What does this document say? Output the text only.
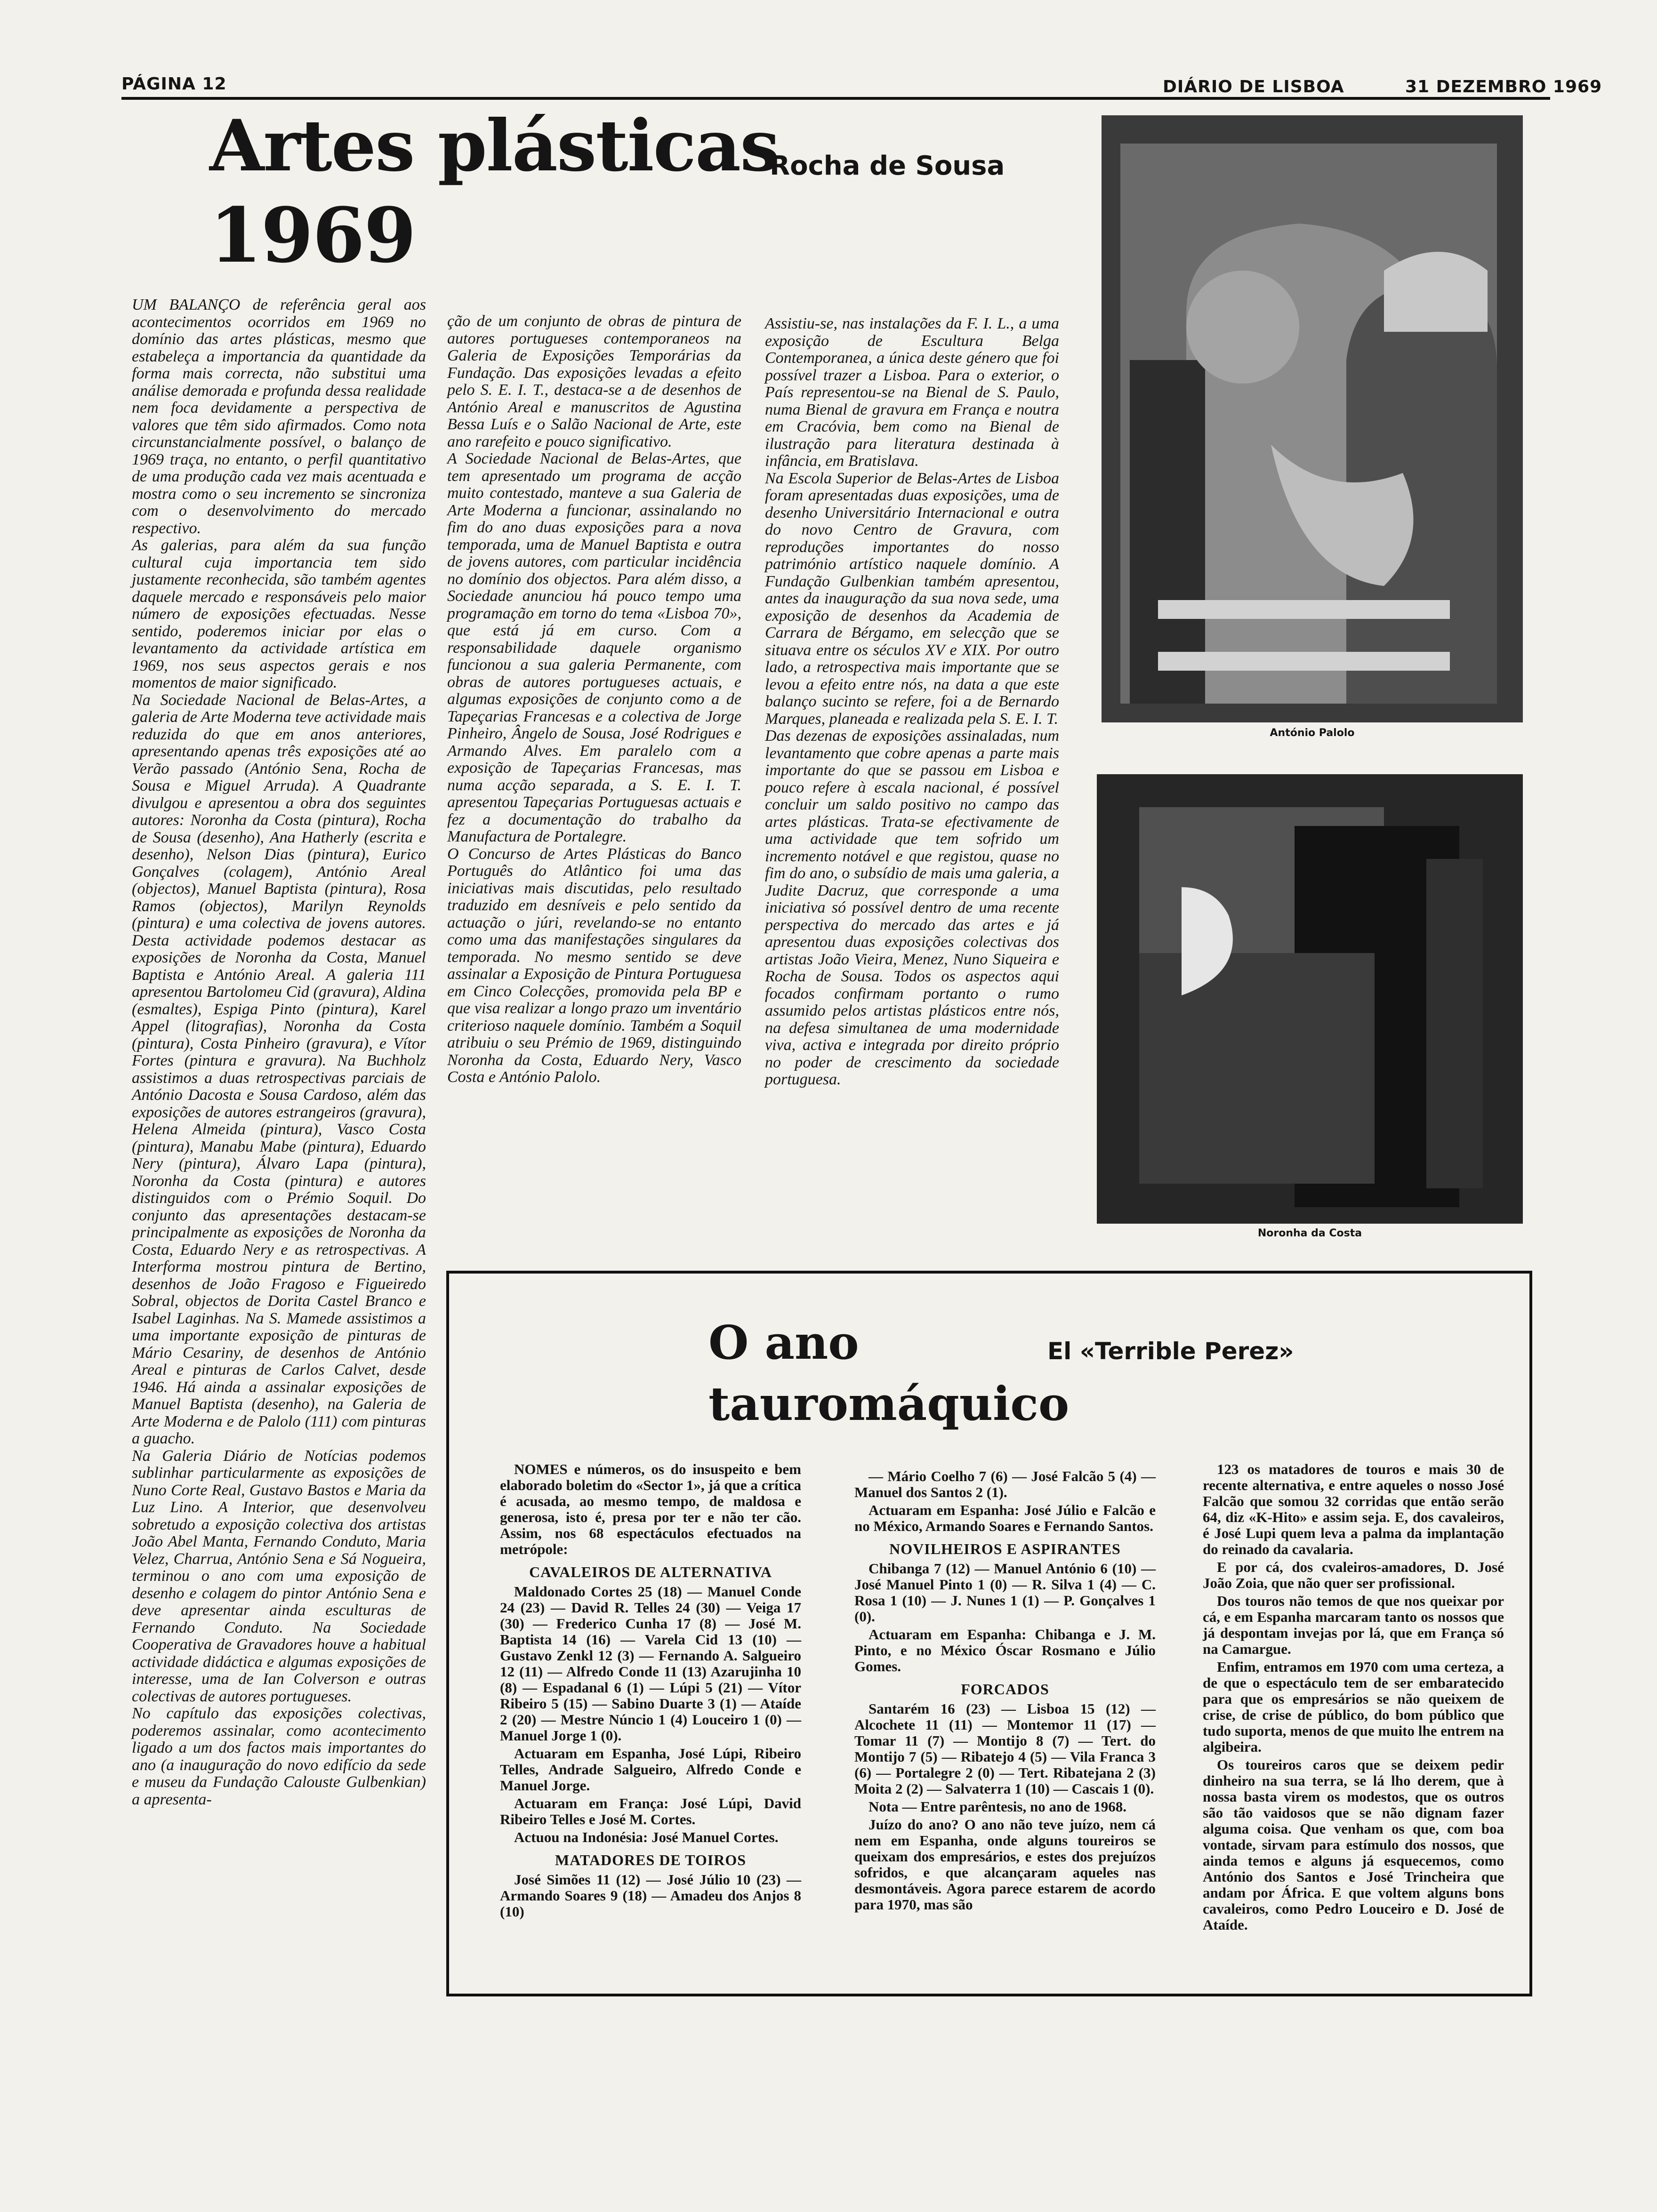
PÁGINA 12	DIÁRIO DE LISBOA	31 DEZEMBRO 1969
Artes plásticas
Rocha de Sousa
1969
UM BALANÇO de referência geral aos acontecimentos ocorridos em 1969 no domínio das artes plásticas, mesmo que estabeleça a importancia da quantidade da forma mais correcta, não substitui uma análise demorada e profunda dessa realidade nem foca devidamente a perspectiva de valores que têm sido afirmados. Como nota circunstancialmente possível, o balanço de 1969 traça, no entanto, o perfil quantitativo de uma produção cada vez mais acentuada e mostra como o seu incremento se sincroniza com o desenvolvimento do mercado respectivo.
As galerias, para além da sua função cultural cuja importancia tem sido justamente reconhecida, são também agentes daquele mercado e responsáveis pelo maior número de exposições efectuadas. Nesse sentido, poderemos iniciar por elas o levantamento da actividade artística em 1969, nos seus aspectos gerais e nos momentos de maior significado.
Na Sociedade Nacional de Belas-Artes, a galeria de Arte Moderna teve actividade mais reduzida do que em anos anteriores, apresentando apenas três exposições até ao Verão passado (António Sena, Rocha de Sousa e Miguel Arruda). A Quadrante divulgou e apresentou a obra dos seguintes autores: Noronha da Costa (pintura), Rocha de Sousa (desenho), Ana Hatherly (escrita e desenho), Nelson Dias (pintura), Eurico Gonçalves (colagem), António Areal (objectos), Manuel Baptista (pintura), Rosa Ramos (objectos), Marilyn Reynolds (pintura) e uma colectiva de jovens autores. Desta actividade podemos destacar as exposições de Noronha da Costa, Manuel Baptista e António Areal. A galeria 111 apresentou Bartolomeu Cid (gravura), Aldina (esmaltes), Espiga Pinto (pintura), Karel Appel (litografias), Noronha da Costa (pintura), Costa Pinheiro (gravura), e Vítor Fortes (pintura e gravura). Na Buchholz assistimos a duas retrospectivas parciais de António Dacosta e Sousa Cardoso, além das exposições de autores estrangeiros (gravura), Helena Almeida (pintura), Vasco Costa (pintura), Manabu Mabe (pintura), Eduardo Nery (pintura), Álvaro Lapa (pintura), Noronha da Costa (pintura) e autores distinguidos com o Prémio Soquil. Do conjunto das apresentações destacam-se principalmente as exposições de Noronha da Costa, Eduardo Nery e as retrospectivas. A Interforma mostrou pintura de Bertino, desenhos de João Fragoso e Figueiredo Sobral, objectos de Dorita Castel Branco e Isabel Laginhas. Na S. Mamede assistimos a uma importante exposição de pinturas de Mário Cesariny, de desenhos de António Areal e pinturas de Carlos Calvet, desde 1946. Há ainda a assinalar exposições de Manuel Baptista (desenho), na Galeria de Arte Moderna e de Palolo (111) com pinturas a guacho.
Na Galeria Diário de Notícias podemos sublinhar particularmente as exposições de Nuno Corte Real, Gustavo Bastos e Maria da Luz Lino. A Interior, que desenvolveu sobretudo a exposição colectiva dos artistas João Abel Manta, Fernando Conduto, Maria Velez, Charrua, António Sena e Sá Nogueira, terminou o ano com uma exposição de desenho e colagem do pintor António Sena e deve apresentar ainda esculturas de Fernando Conduto. Na Sociedade Cooperativa de Gravadores houve a habitual actividade didáctica e algumas exposições de interesse, uma de Ian Colverson e outras colectivas de autores portugueses.
No capítulo das exposições colectivas, poderemos assinalar, como acontecimento ligado a um dos factos mais importantes do ano (a inauguração do novo edifício da sede e museu da Fundação Calouste Gulbenkian) a apresenta-
ção de um conjunto de obras de pintura de autores portugueses contemporaneos na Galeria de Exposições Temporárias da Fundação. Das exposições levadas a efeito pelo S. E. I. T., destaca-se a de desenhos de António Areal e manuscritos de Agustina Bessa Luís e o Salão Nacional de Arte, este ano rarefeito e pouco significativo.
A Sociedade Nacional de Belas-Artes, que tem apresentado um programa de acção muito contestado, manteve a sua Galeria de Arte Moderna a funcionar, assinalando no fim do ano duas exposições para a nova temporada, uma de Manuel Baptista e outra de jovens autores, com particular incidência no domínio dos objectos. Para além disso, a Sociedade anunciou há pouco tempo uma programação em torno do tema «Lisboa 70», que está já em curso. Com a responsabilidade daquele organismo funcionou a sua galeria Permanente, com obras de autores portugueses actuais, e algumas exposições de conjunto como a de Tapeçarias Francesas e a colectiva de Jorge Pinheiro, Ângelo de Sousa, José Rodrigues e Armando Alves. Em paralelo com a exposição de Tapeçarias Francesas, mas numa acção separada, a S. E. I. T. apresentou Tapeçarias Portuguesas actuais e fez a documentação do trabalho da Manufactura de Portalegre.
O Concurso de Artes Plásticas do Banco Português do Atlântico foi uma das iniciativas mais discutidas, pelo resultado traduzido em desníveis e pelo sentido da actuação o júri, revelando-se no entanto como uma das manifestações singulares da temporada. No mesmo sentido se deve assinalar a Exposição de Pintura Portuguesa em Cinco Colecções, promovida pela BP e que visa realizar a longo prazo um inventário criterioso naquele domínio. Também a Soquil atribuiu o seu Prémio de 1969, distinguindo Noronha da Costa, Eduardo Nery, Vasco Costa e António Palolo.
Assistiu-se, nas instalações da F. I. L., a uma exposição de Escultura Belga Contemporanea, a única deste género que foi possível trazer a Lisboa. Para o exterior, o País representou-se na Bienal de S. Paulo, numa Bienal de gravura em França e noutra em Cracóvia, bem como na Bienal de ilustração para literatura destinada à infância, em Bratislava.
Na Escola Superior de Belas-Artes de Lisboa foram apresentadas duas exposições, uma de desenho Universitário Internacional e outra do novo Centro de Gravura, com reproduções importantes do nosso património artístico naquele domínio. A Fundação Gulbenkian também apresentou, antes da inauguração da sua nova sede, uma exposição de desenhos da Academia de Carrara de Bérgamo, em selecção que se situava entre os séculos XV e XIX. Por outro lado, a retrospectiva mais importante que se levou a efeito entre nós, na data a que este balanço sucinto se refere, foi a de Bernardo Marques, planeada e realizada pela S. E. I. T.
Das dezenas de exposições assinaladas, num levantamento que cobre apenas a parte mais importante do que se passou em Lisboa e pouco refere à escala nacional, é possível concluir um saldo positivo no campo das artes plásticas. Trata-se efectivamente de uma actividade que tem sofrido um incremento notável e que registou, quase no fim do ano, o subsídio de mais uma galeria, a Judite Dacruz, que corresponde a uma iniciativa só possível dentro de uma recente perspectiva do mercado das artes e já apresentou duas exposições colectivas dos artistas João Vieira, Menez, Nuno Siqueira e Rocha de Sousa. Todos os aspectos aqui focados confirmam portanto o rumo assumido pelos artistas plásticos entre nós, na defesa simultanea de uma modernidade viva, activa e integrada por direito próprio no poder de crescimento da sociedade portuguesa.
António Palolo
Noronha da Costa
O ano	El «Terrible Perez»
tauromáquico

NOMES e números, os do insuspeito e bem elaborado boletim do «Sector 1», já que a crítica é acusada, ao mesmo tempo, de maldosa e generosa, isto é, presa por ter e não ter cão. Assim, nos 68 espectáculos efectuados na metrópole:

CAVALEIROS DE ALTERNATIVA

Maldonado Cortes 25 (18) — Manuel Conde 24 (23) — David R. Telles 24 (30) — Veiga 17 (30) — Frederico Cunha 17 (8) — José M. Baptista 14 (16) — Varela Cid 13 (10) — Gustavo Zenkl 12 (3) — Fernando A. Salgueiro 12 (11) — Alfredo Conde 11 (13) Azarujinha 10 (8) — Espadanal 6 (1) — Lúpi 5 (21) — Vítor Ribeiro 5 (15) — Sabino Duarte 3 (1) — Ataíde 2 (20) — Mestre Núncio 1 (4) Louceiro 1 (0) — Manuel Jorge 1 (0).

Actuaram em Espanha, José Lúpi, Ribeiro Telles, Andrade Salgueiro, Alfredo Conde e Manuel Jorge.

Actuaram em França: José Lúpi, David Ribeiro Telles e José M. Cortes.

Actuou na Indonésia: José Manuel Cortes.

MATADORES DE TOIROS

José Simões 11 (12) — José Júlio 10 (23) — Armando Soares 9 (18) — Amadeu dos Anjos 8 (10)

— Mário Coelho 7 (6) — José Falcão 5 (4) — Manuel dos Santos 2 (1).

Actuaram em Espanha: José Júlio e Falcão e no México, Armando Soares e Fernando Santos.

NOVILHEIROS E ASPIRANTES

Chibanga 7 (12) — Manuel António 6 (10) — José Manuel Pinto 1 (0) — R. Silva 1 (4) — C. Rosa 1 (10) — J. Nunes 1 (1) — P. Gonçalves 1 (0).

Actuaram em Espanha: Chibanga e J. M. Pinto, e no México Óscar Rosmano e Júlio Gomes.

FORCADOS

Santarém 16 (23) — Lisboa 15 (12) — Alcochete 11 (11) — Montemor 11 (17) — Tomar 11 (7) — Montijo 8 (7) — Tert. do Montijo 7 (5) — Ribatejo 4 (5) — Vila Franca 3 (6) — Portalegre 2 (0) — Tert. Ribatejana 2 (3) Moita 2 (2) — Salvaterra 1 (10) — Cascais 1 (0).

Nota — Entre parêntesis, no ano de 1968.

Juízo do ano? O ano não teve juízo, nem cá nem em Espanha, onde alguns toureiros se queixam dos empresários, e estes dos prejuízos sofridos, e que alcançaram aqueles nas desmontáveis. Agora parece estarem de acordo para 1970, mas são

123 os matadores de touros e mais 30 de recente alternativa, e entre aqueles o nosso José Falcão que somou 32 corridas que então serão 64, diz «K-Hito» e assim seja. E, dos cavaleiros, é José Lupi quem leva a palma da implantação do reinado da cavalaria.

E por cá, dos cvaleiros-amadores, D. José João Zoia, que não quer ser profissional.

Dos touros não temos de que nos queixar por cá, e em Espanha marcaram tanto os nossos que já despontam invejas por lá, que em França só na Camargue.

Enfim, entramos em 1970 com uma certeza, a de que o espectáculo tem de ser embaratecido para que os empresários se não queixem de crise, de crise de público, do bom público que tudo suporta, menos de que muito lhe entrem na algibeira.

Os toureiros caros que se deixem pedir dinheiro na sua terra, se lá lho derem, que à nossa basta virem os modestos, que os outros são tão vaidosos que se não dignam fazer alguma coisa. Que venham os que, com boa vontade, sirvam para estímulo dos nossos, que ainda temos e alguns já esquecemos, como António dos Santos e José Trincheira que andam por África. E que voltem alguns bons cavaleiros, como Pedro Louceiro e D. José de Ataíde.
